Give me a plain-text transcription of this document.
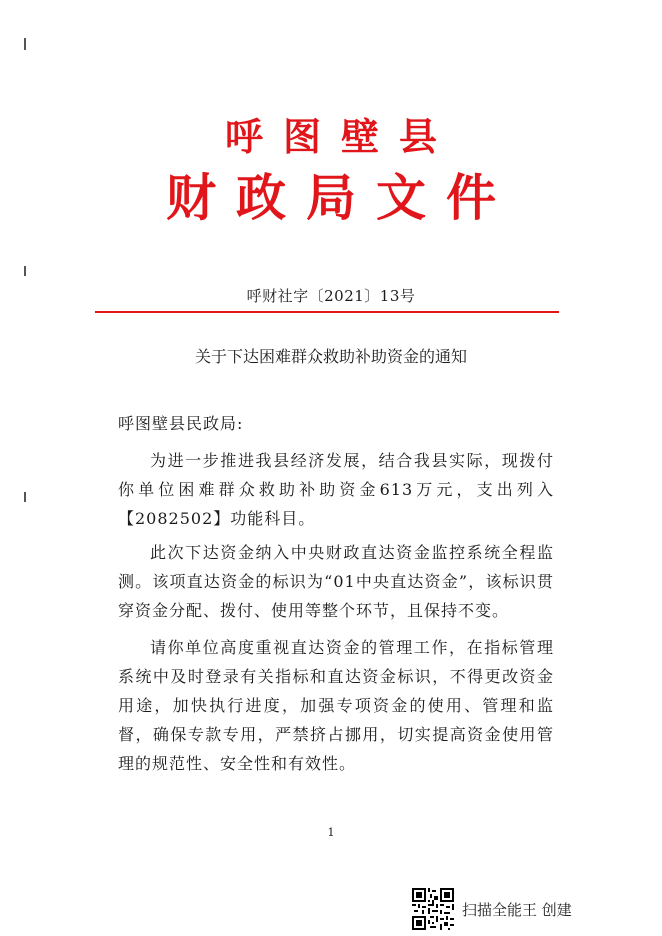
呼图壁县
财政局文件
呼财社字〔2021〕13号
关于下达困难群众救助补助资金的通知
呼图壁县民政局:

为进一步推进我县经济发展，结合我县实际，现拨付你单位困难群众救助补助资金613万元，支出列入【2082502】功能科目。

此次下达资金纳入中央财政直达资金监控系统全程监测。该项直达资金的标识为“01中央直达资金”，该标识贯穿资金分配、拨付、使用等整个环节，且保持不变。

请你单位高度重视直达资金的管理工作，在指标管理系统中及时登录有关指标和直达资金标识，不得更改资金用途，加快执行进度，加强专项资金的使用、管理和监督，确保专款专用，严禁挤占挪用，切实提高资金使用管理的规范性、安全性和有效性。

1
扫描全能王 创建
